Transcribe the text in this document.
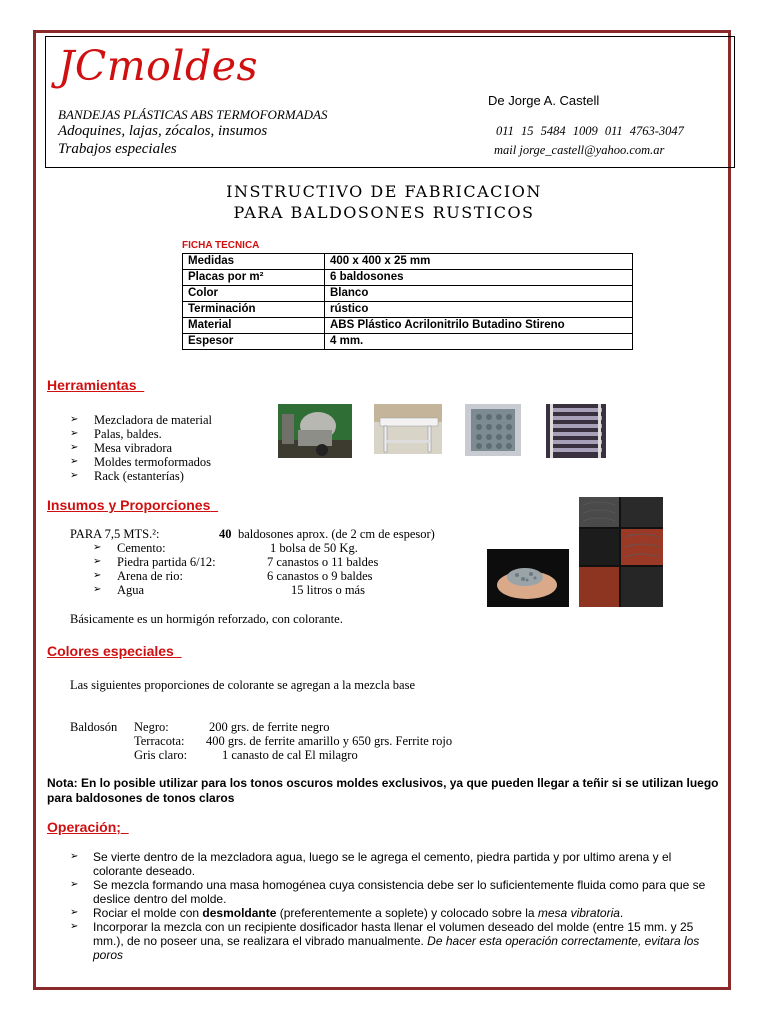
JCmoldes
De Jorge A. Castell
BANDEJAS PLÁSTICAS ABS TERMOFORMADAS
Adoquines, lajas, zócalos, insumos
Trabajos especiales
011 15 5484 1009 011 4763-3047
mail jorge_castell@yahoo.com.ar
INSTRUCTIVO DE FABRICACION
PARA BALDOSONES RUSTICOS
FICHA TECNICA
Medidas	400 x 400 x 25 mm
Placas por m²	6 baldosones
Color	Blanco
Terminación	rústico
Material	ABS Plástico Acrilonitrilo Butadino Stireno
Espesor	4 mm.
Herramientas
➢ Mezcladora de material
➢ Palas, baldes.
➢ Mesa vibradora
➢ Moldes termoformados
➢ Rack (estanterías)
Insumos y Proporciones
PARA 7,5 MTS.²:	40 baldosones aprox. (de 2 cm de espesor)
➢ Cemento:	1 bolsa de 50 Kg.
➢ Piedra partida 6/12:	7 canastos o 11 baldes
➢ Arena de rio:	6 canastos o 9 baldes
➢ Agua	15 litros o más
Básicamente es un hormigón reforzado, con colorante.
Colores especiales
Las siguientes proporciones de colorante se agregan a la mezcla base
Baldosón Negro:	200 grs. de ferrite negro
Terracota: 400 grs. de ferrite amarillo y 650 grs. Ferrite rojo
Gris claro:	1 canasto de cal El milagro
Nota: En lo posible utilizar para los tonos oscuros moldes exclusivos, ya que pueden llegar a teñir si se utilizan luego para baldosones de tonos claros
Operación;
➢ Se vierte dentro de la mezcladora agua, luego se le agrega el cemento, piedra partida y por ultimo arena y el colorante deseado.
➢ Se mezcla formando una masa homogénea cuya consistencia debe ser lo suficientemente fluida como para que se deslice dentro del molde.
➢ Rociar el molde con desmoldante (preferentemente a soplete) y colocado sobre la mesa vibratoria.
➢ Incorporar la mezcla con un recipiente dosificador hasta llenar el volumen deseado del molde (entre 15 mm. y 25 mm.), de no poseer una, se realizara el vibrado manualmente. De hacer esta operación correctamente, evitara los poros
